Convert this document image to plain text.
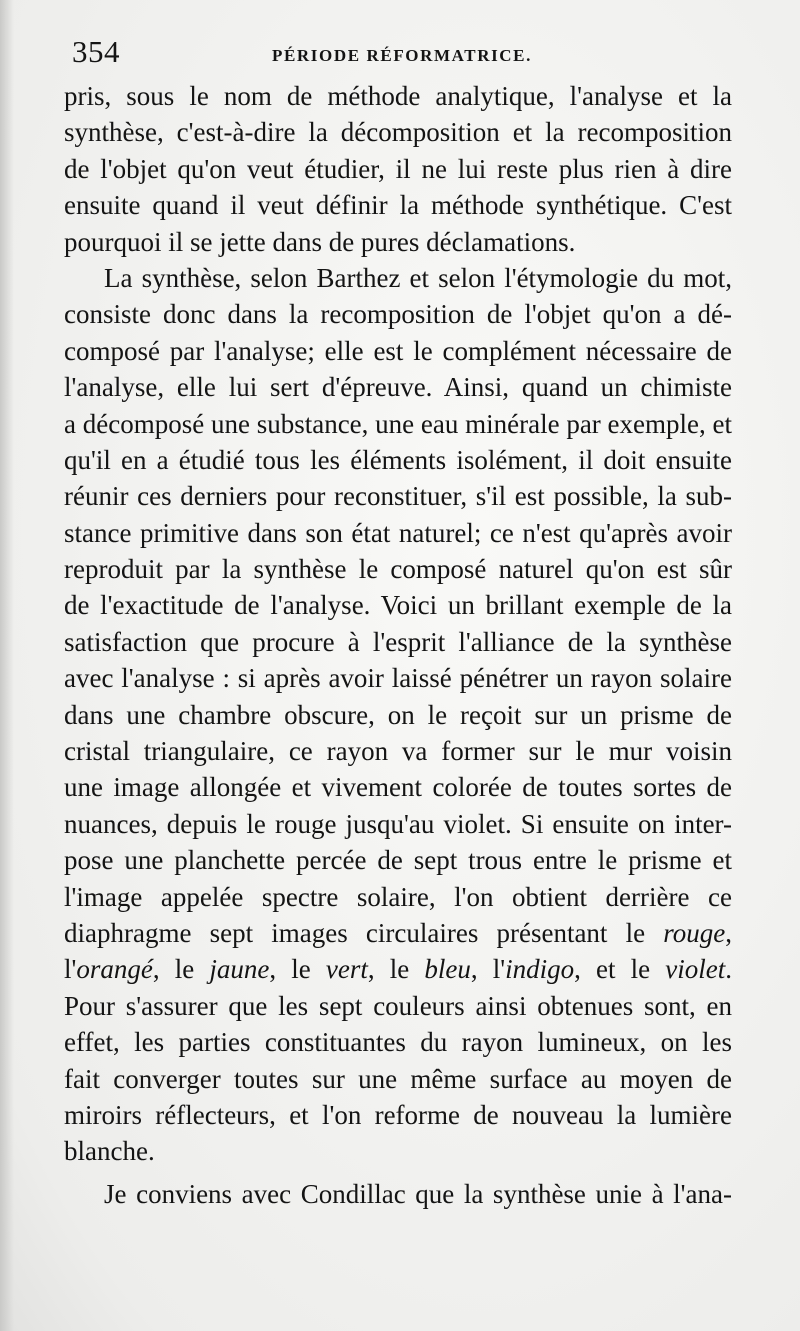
354	PÉRIODE RÉFORMATRICE.
pris, sous le nom de méthode analytique, l'analyse et la
synthèse, c'est-à-dire la décomposition et la recomposition
de l'objet qu'on veut étudier, il ne lui reste plus rien à dire
ensuite quand il veut définir la méthode synthétique. C'est
pourquoi il se jette dans de pures déclamations.
La synthèse, selon Barthez et selon l'étymologie du mot,
consiste donc dans la recomposition de l'objet qu'on a dé-
composé par l'analyse; elle est le complément nécessaire de
l'analyse, elle lui sert d'épreuve. Ainsi, quand un chimiste
a décomposé une substance, une eau minérale par exemple, et
qu'il en a étudié tous les éléments isolément, il doit ensuite
réunir ces derniers pour reconstituer, s'il est possible, la sub-
stance primitive dans son état naturel; ce n'est qu'après avoir
reproduit par la synthèse le composé naturel qu'on est sûr
de l'exactitude de l'analyse. Voici un brillant exemple de la
satisfaction que procure à l'esprit l'alliance de la synthèse
avec l'analyse : si après avoir laissé pénétrer un rayon solaire
dans une chambre obscure, on le reçoit sur un prisme de
cristal triangulaire, ce rayon va former sur le mur voisin
une image allongée et vivement colorée de toutes sortes de
nuances, depuis le rouge jusqu'au violet. Si ensuite on inter-
pose une planchette percée de sept trous entre le prisme et
l'image appelée spectre solaire, l'on obtient derrière ce
diaphragme sept images circulaires présentant le rouge,
l'orangé, le jaune, le vert, le bleu, l'indigo, et le violet.
Pour s'assurer que les sept couleurs ainsi obtenues sont, en
effet, les parties constituantes du rayon lumineux, on les
fait converger toutes sur une même surface au moyen de
miroirs réflecteurs, et l'on reforme de nouveau la lumière
blanche.
Je conviens avec Condillac que la synthèse unie à l'ana-
